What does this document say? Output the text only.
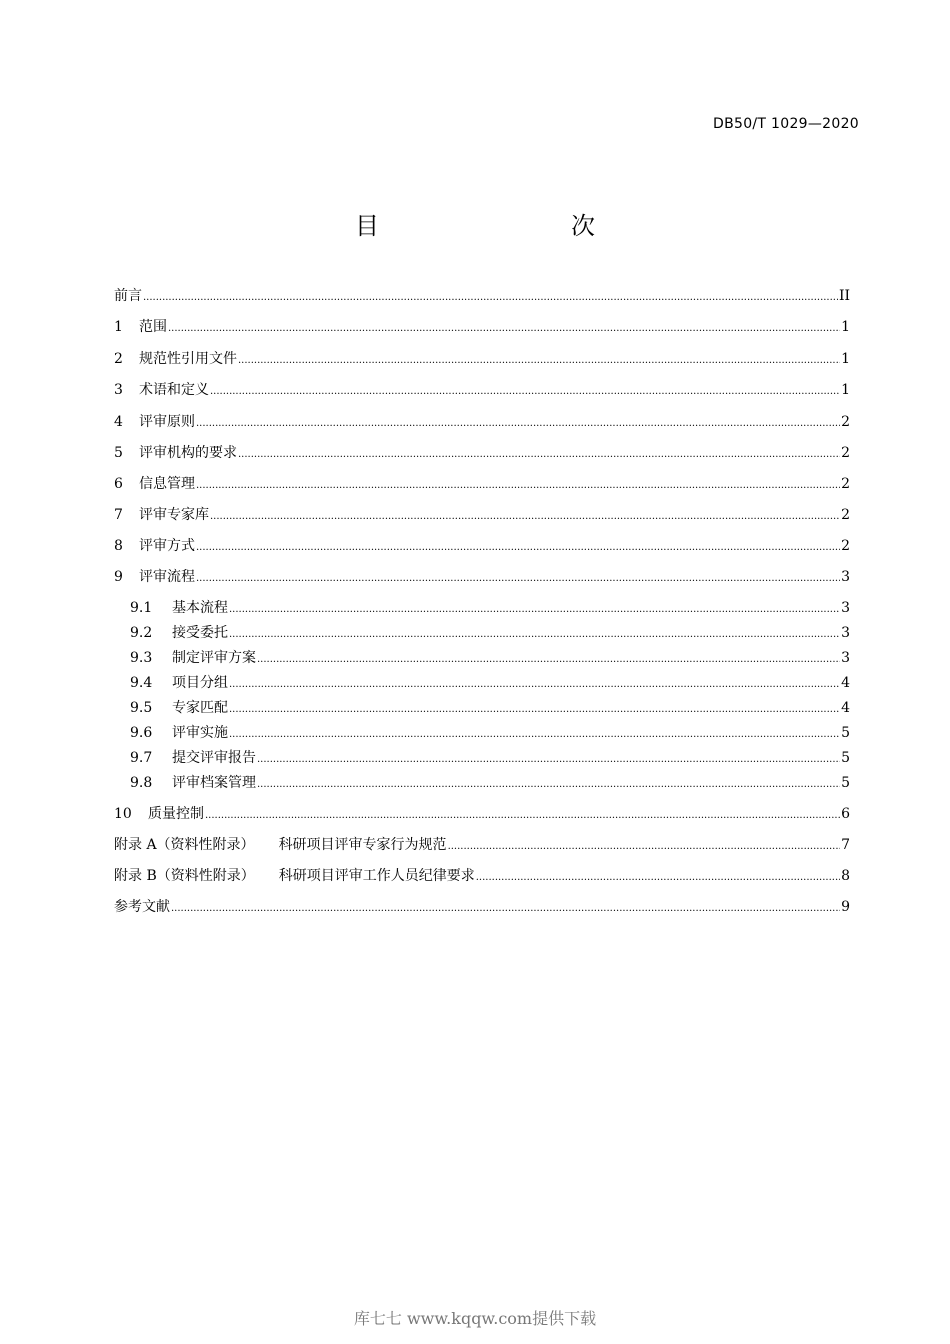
DB50/T 1029—2020
目　　次
前言 .....	II
1	范围 .....	1
2	规范性引用文件 .....	1
3	术语和定义 .....	1
4	评审原则 .....	2
5	评审机构的要求 .....	2
6	信息管理 .....	2
7	评审专家库 .....	2
8	评审方式 .....	2
9	评审流程 .....	3
9.1	基本流程 .....	3
9.2	接受委托 .....	3
9.3	制定评审方案 .....	3
9.4	项目分组 .....	4
9.5	专家匹配 .....	4
9.6	评审实施 .....	5
9.7	提交评审报告 .....	5
9.8	评审档案管理 .....	5
10	质量控制 .....	6
附录 A（资料性附录） 科研项目评审专家行为规范 .....	7
附录 B（资料性附录） 科研项目评审工作人员纪律要求 .....	8
参考文献 .....	9
库七七 www.kqqw.com提供下载
